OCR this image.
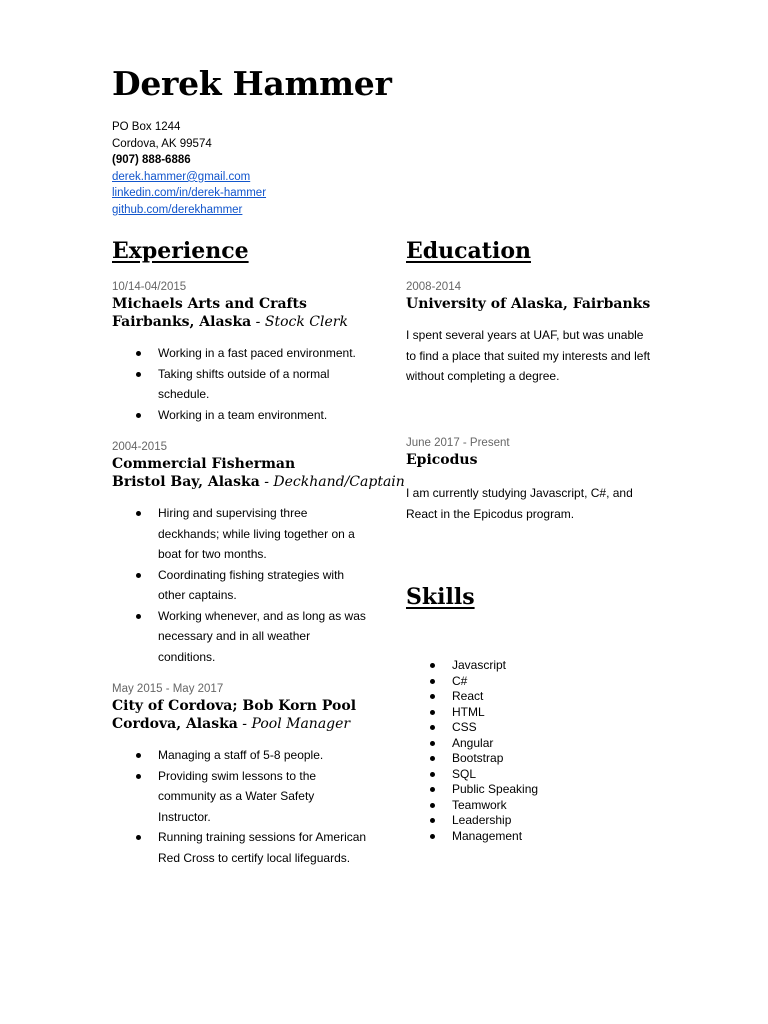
Derek Hammer
PO Box 1244
Cordova, AK 99574
(907) 888-6886
derek.hammer@gmail.com
linkedin.com/in/derek-hammer
github.com/derekhammer
Experience

10/14-04/2015

Michaels Arts and Crafts

Fairbanks, Alaska - Stock Clerk

Working in a fast paced environment.
Taking shifts outside of a normal schedule.
Working in a team environment.

2004-2015

Commercial Fisherman

Bristol Bay, Alaska - Deckhand/Captain

Hiring and supervising three deckhands; while living together on a boat for two months.
Coordinating fishing strategies with other captains.
Working whenever, and as long as was necessary and in all weather conditions.

May 2015 - May 2017

City of Cordova; Bob Korn Pool

Cordova, Alaska - Pool Manager

Managing a staff of 5-8 people.
Providing swim lessons to the community as a Water Safety Instructor.
Running training sessions for American Red Cross to certify local lifeguards.
Education

2008-2014

University of Alaska, Fairbanks

I spent several years at UAF, but was unable to find a place that suited my interests and left without completing a degree.

June 2017 - Present

Epicodus

I am currently studying Javascript, C#, and React in the Epicodus program.

Skills
Javascript
C#
React
HTML
CSS
Angular
Bootstrap
SQL
Public Speaking
Teamwork
Leadership
Management
